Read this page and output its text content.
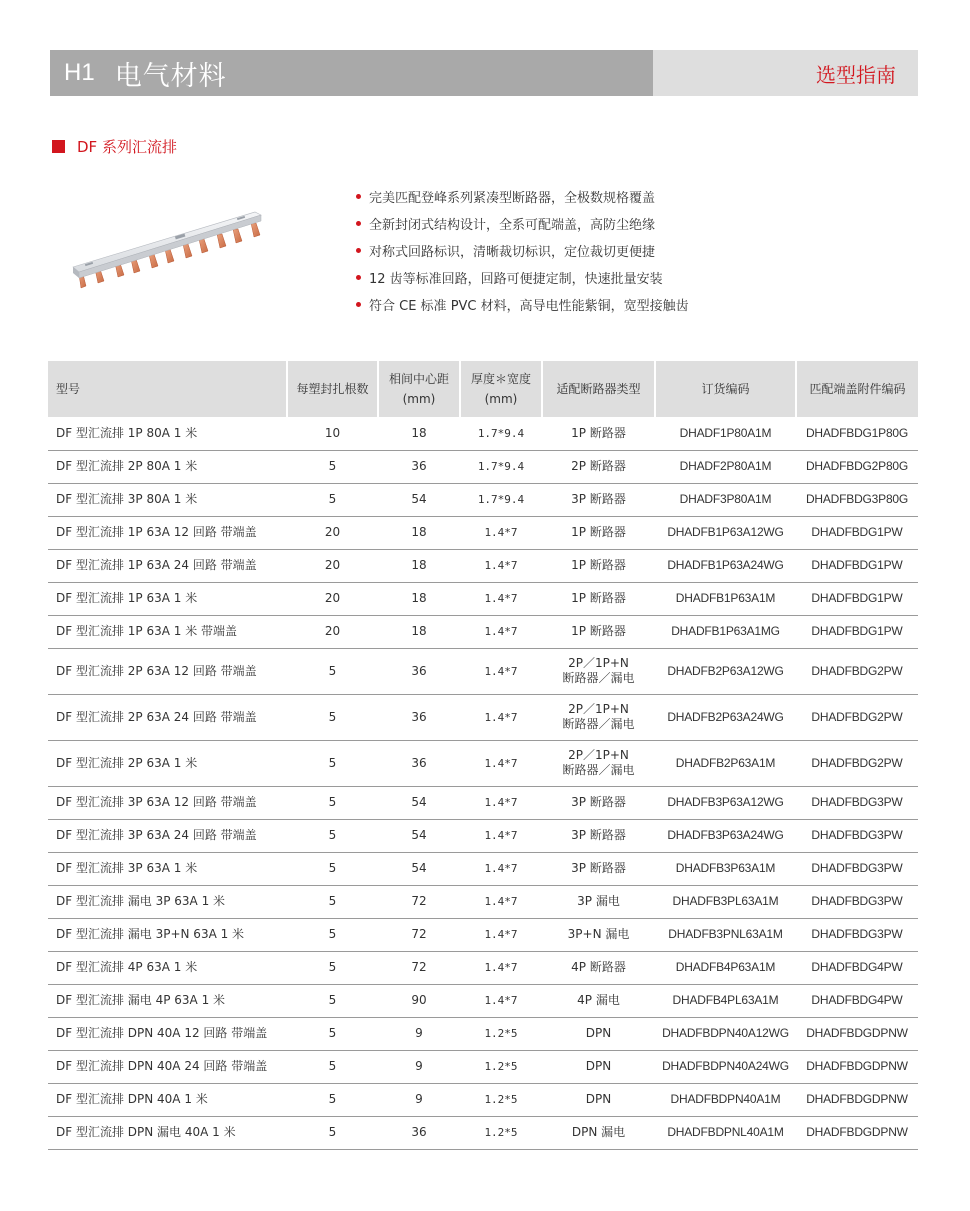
H1 电气材料	选型指南
DF 系列汇流排
完美匹配登峰系列紧凑型断路器，全极数规格覆盖
全新封闭式结构设计，全系可配端盖，高防尘绝缘
对称式回路标识，清晰裁切标识，定位裁切更便捷
12 齿等标准回路，回路可便捷定制，快速批量安装
符合 CE 标准 PVC 材料，高导电性能紫铜，宽型接触齿
型号	每塑封扎根数	相间中心距(mm)	厚度＊宽度(mm)	适配断路器类型	订货编码	匹配端盖附件编码
DF 型汇流排 1P 80A 1 米	10	18	1.7*9.4	1P 断路器	DHADF1P80A1M	DHADFBDG1P80G
DF 型汇流排 2P 80A 1 米	5	36	1.7*9.4	2P 断路器	DHADF2P80A1M	DHADFBDG2P80G
DF 型汇流排 3P 80A 1 米	5	54	1.7*9.4	3P 断路器	DHADF3P80A1M	DHADFBDG3P80G
DF 型汇流排 1P 63A 12 回路 带端盖	20	18	1.4*7	1P 断路器	DHADFB1P63A12WG	DHADFBDG1PW
DF 型汇流排 1P 63A 24 回路 带端盖	20	18	1.4*7	1P 断路器	DHADFB1P63A24WG	DHADFBDG1PW
DF 型汇流排 1P 63A 1 米	20	18	1.4*7	1P 断路器	DHADFB1P63A1M	DHADFBDG1PW
DF 型汇流排 1P 63A 1 米 带端盖	20	18	1.4*7	1P 断路器	DHADFB1P63A1MG	DHADFBDG1PW
DF 型汇流排 2P 63A 12 回路 带端盖	5	36	1.4*7	2P／1P+N
断路器／漏电	DHADFB2P63A12WG	DHADFBDG2PW
DF 型汇流排 2P 63A 24 回路 带端盖	5	36	1.4*7	2P／1P+N
断路器／漏电	DHADFB2P63A24WG	DHADFBDG2PW
DF 型汇流排 2P 63A 1 米	5	36	1.4*7	2P／1P+N
断路器／漏电	DHADFB2P63A1M	DHADFBDG2PW
DF 型汇流排 3P 63A 12 回路 带端盖	5	54	1.4*7	3P 断路器	DHADFB3P63A12WG	DHADFBDG3PW
DF 型汇流排 3P 63A 24 回路 带端盖	5	54	1.4*7	3P 断路器	DHADFB3P63A24WG	DHADFBDG3PW
DF 型汇流排 3P 63A 1 米	5	54	1.4*7	3P 断路器	DHADFB3P63A1M	DHADFBDG3PW
DF 型汇流排 漏电 3P 63A 1 米	5	72	1.4*7	3P 漏电	DHADFB3PL63A1M	DHADFBDG3PW
DF 型汇流排 漏电 3P+N 63A 1 米	5	72	1.4*7	3P+N 漏电	DHADFB3PNL63A1M	DHADFBDG3PW
DF 型汇流排 4P 63A 1 米	5	72	1.4*7	4P 断路器	DHADFB4P63A1M	DHADFBDG4PW
DF 型汇流排 漏电 4P 63A 1 米	5	90	1.4*7	4P 漏电	DHADFB4PL63A1M	DHADFBDG4PW
DF 型汇流排 DPN 40A 12 回路 带端盖	5	9	1.2*5	DPN	DHADFBDPN40A12WG	DHADFBDGDPNW
DF 型汇流排 DPN 40A 24 回路 带端盖	5	9	1.2*5	DPN	DHADFBDPN40A24WG	DHADFBDGDPNW
DF 型汇流排 DPN 40A 1 米	5	9	1.2*5	DPN	DHADFBDPN40A1M	DHADFBDGDPNW
DF 型汇流排 DPN 漏电 40A 1 米	5	36	1.2*5	DPN 漏电	DHADFBDPNL40A1M	DHADFBDGDPNW
